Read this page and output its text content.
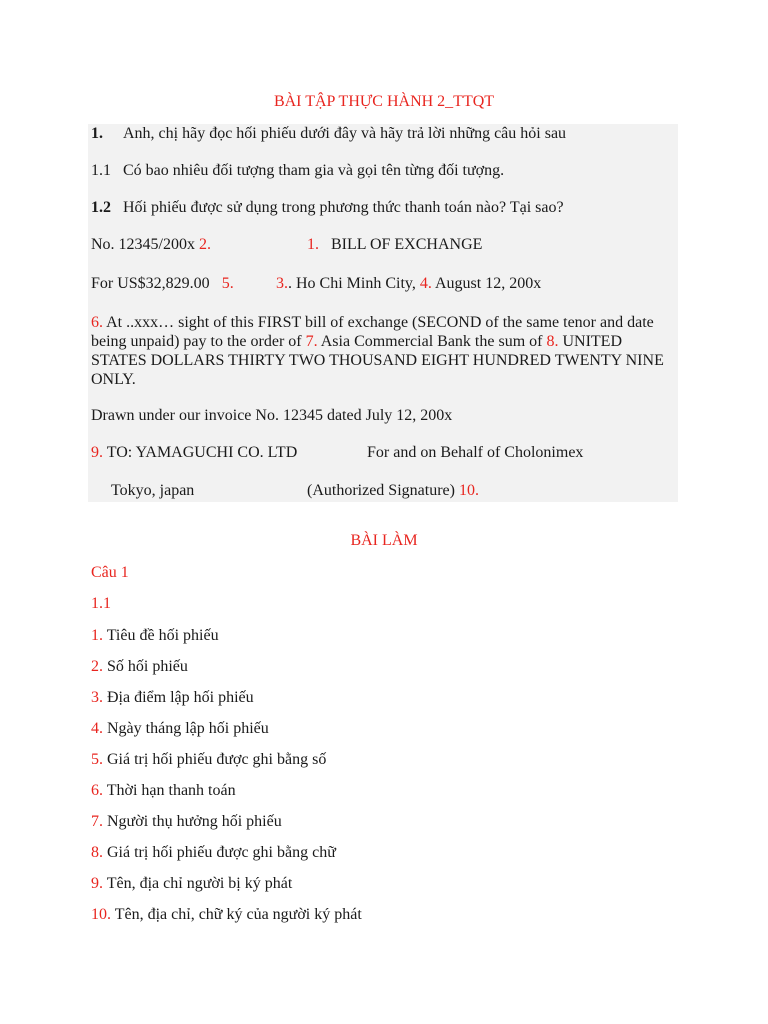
BÀI TẬP THỰC HÀNH 2_TTQT
1. Anh, chị hãy đọc hối phiếu dưới đây và hãy trả lời những câu hỏi sau
1.1 Có bao nhiêu đối tượng tham gia và gọi tên từng đối tượng.
1.2 Hối phiếu được sử dụng trong phương thức thanh toán nào? Tại sao?
No. 12345/200x 2.	1. BILL OF EXCHANGE
For US$32,829.00 5.	3.. Ho Chi Minh City, 4. August 12, 200x
6. At ..xxx… sight of this FIRST bill of exchange (SECOND of the same tenor and date being unpaid) pay to the order of 7. Asia Commercial Bank the sum of 8. UNITED STATES DOLLARS THIRTY TWO THOUSAND EIGHT HUNDRED TWENTY NINE ONLY.
Drawn under our invoice No. 12345 dated July 12, 200x
9. TO: YAMAGUCHI CO. LTD	For and on Behalf of Cholonimex
Tokyo, japan	(Authorized Signature) 10.
BÀI LÀM
Câu 1
1.1
1. Tiêu đề hối phiếu
2. Số hối phiếu
3. Địa điểm lập hối phiếu
4. Ngày tháng lập hối phiếu
5. Giá trị hối phiếu được ghi bằng số
6. Thời hạn thanh toán
7. Người thụ hưởng hối phiếu
8. Giá trị hối phiếu được ghi bằng chữ
9. Tên, địa chỉ người bị ký phát
10. Tên, địa chỉ, chữ ký của người ký phát
